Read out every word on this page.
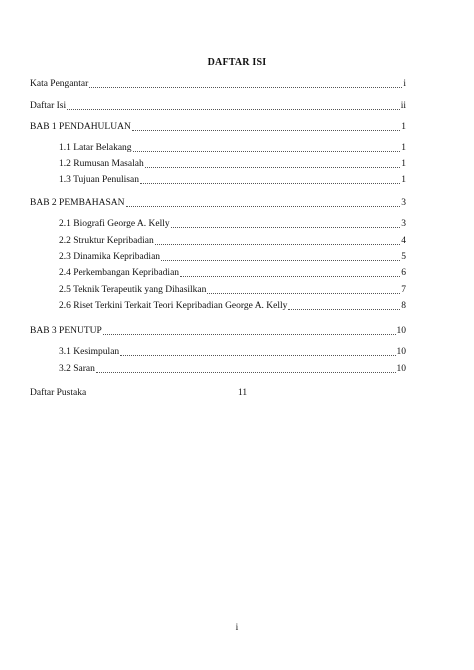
DAFTAR ISI
Kata Pengantar	i
Daftar Isi	ii
BAB 1 PENDAHULUAN	1
1.1 Latar Belakang	1
1.2 Rumusan Masalah	1
1.3 Tujuan Penulisan	1
BAB 2 PEMBAHASAN	3
2.1 Biografi George A. Kelly	3
2.2 Struktur Kepribadian	4
2.3 Dinamika Kepribadian	5
2.4 Perkembangan Kepribadian	6
2.5 Teknik Terapeutik yang Dihasilkan	7
2.6 Riset Terkini Terkait Teori Kepribadian George A. Kelly	8
BAB 3 PENUTUP	10
3.1 Kesimpulan	10
3.2 Saran	10
Daftar Pustaka	11
i
